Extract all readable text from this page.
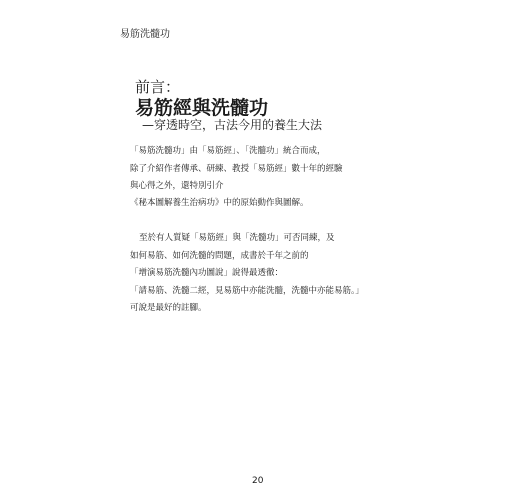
易筋洗髓功
前言：
易筋經與洗髓功
—穿透時空，古法今用的養生大法
「易筋洗髓功」由「易筋經」、「洗髓功」統合而成，
除了介紹作者傳承、研練、教授「易筋經」數十年的經驗
與心得之外，還特別引介
《秘本圖解養生治病功》中的原始動作與圖解。
至於有人質疑「易筋經」與「洗髓功」可否同練，及
如何易筋、如何洗髓的問題，成書於千年之前的
「增演易筋洗髓內功圖說」說得最透徹：
「請易筋、洗髓二經，見易筋中亦能洗髓，洗髓中亦能易筋。」
可說是最好的註腳。
20
